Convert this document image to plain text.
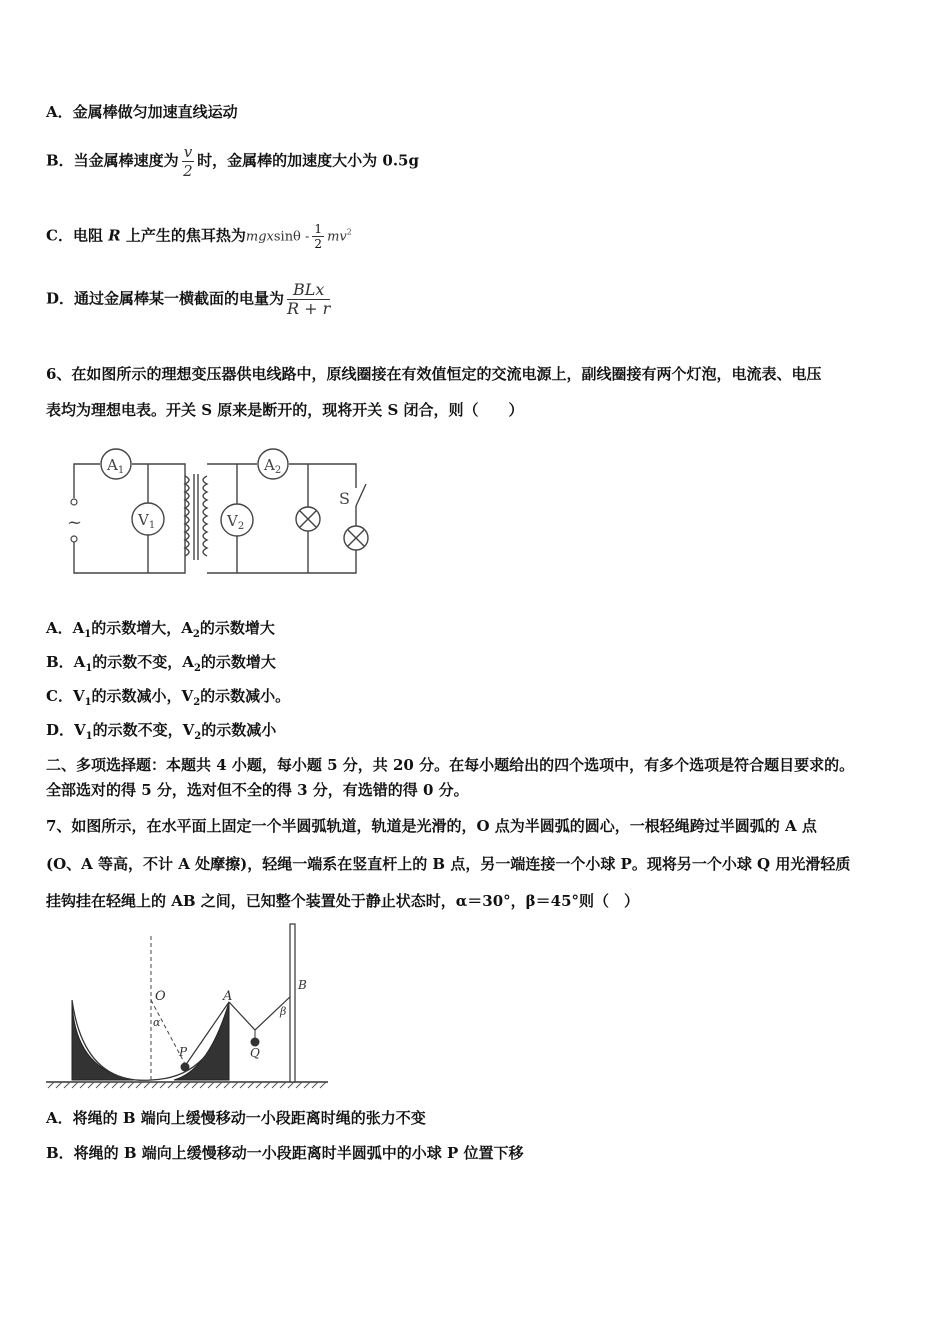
A．金属棒做匀加速直线运动
B．当金属棒速度为 $\frac{v}{2}$ 时，金属棒的加速度大小为 0.5g
C．电阻 R 上产生的焦耳热为mgxsinθ - $\frac{1}{2} mv^2$
D．通过金属棒某一横截面的电量为 $\frac{\text{BLx}}{R + r}$
6、在如图所示的理想变压器供电线路中，原线圈接在有效值恒定的交流电源上，副线圈接有两个灯泡，电流表、电压
表均为理想电表。开关 S 原来是断开的，现将开关 S 闭合，则（　　）
~
$A_1$
$V_1$
$A_2$
$V_2$
S
A．$A_1$的示数增大，$A_2$的示数增大
B．$A_1$的示数不变，$A_2$的示数增大
C．$V_1$的示数减小，$V_2$的示数减小。
D．$V_1$的示数不变，$V_2$的示数减小
二、多项选择题：本题共 4 小题，每小题 5 分，共 20 分。在每小题给出的四个选项中，有多个选项是符合题目要求的。
全部选对的得 5 分，选对但不全的得 3 分，有选错的得 0 分。
7、如图所示，在水平面上固定一个半圆弧轨道，轨道是光滑的，O 点为半圆弧的圆心，一根轻绳跨过半圆弧的 A 点
(O、A 等高，不计 A 处摩擦)，轻绳一端系在竖直杆上的 B 点，另一端连接一个小球 P。现将另一个小球 Q 用光滑轻质
挂钩挂在轻绳上的 AB 之间，已知整个装置处于静止状态时，α＝30°，β＝45°则（　）
O	A
B
P	Q
α
β
A．将绳的 B 端向上缓慢移动一小段距离时绳的张力不变
B．将绳的 B 端向上缓慢移动一小段距离时半圆弧中的小球 P 位置下移
